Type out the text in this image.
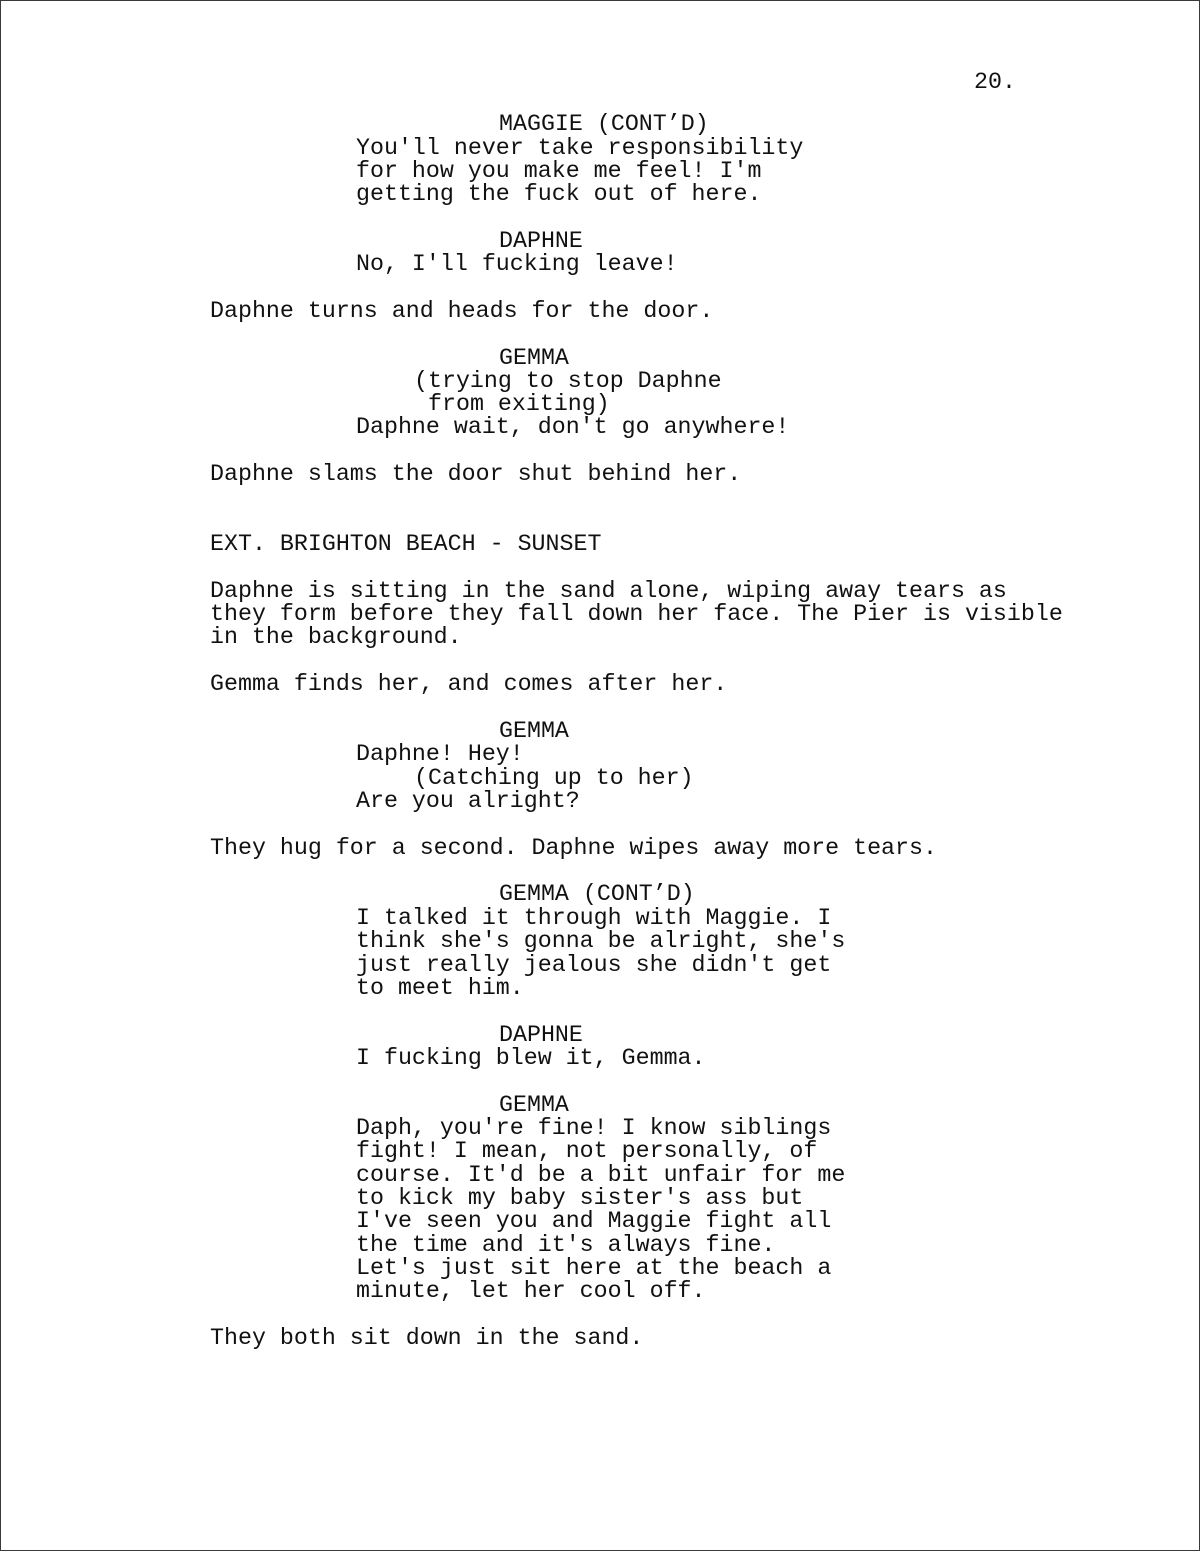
20.
MAGGIE (CONT’D)
You'll never take responsibility
for how you make me feel! I'm
getting the fuck out of here.
DAPHNE
No, I'll fucking leave!
Daphne turns and heads for the door.
GEMMA
(trying to stop Daphne
from exiting)
Daphne wait, don't go anywhere!
Daphne slams the door shut behind her.
EXT. BRIGHTON BEACH - SUNSET
Daphne is sitting in the sand alone, wiping away tears as
they form before they fall down her face. The Pier is visible
in the background.
Gemma finds her, and comes after her.
GEMMA
Daphne! Hey!
(Catching up to her)
Are you alright?
They hug for a second. Daphne wipes away more tears.
GEMMA (CONT’D)
I talked it through with Maggie. I
think she's gonna be alright, she's
just really jealous she didn't get
to meet him.
DAPHNE
I fucking blew it, Gemma.
GEMMA
Daph, you're fine! I know siblings
fight! I mean, not personally, of
course. It'd be a bit unfair for me
to kick my baby sister's ass but
I've seen you and Maggie fight all
the time and it's always fine.
Let's just sit here at the beach a
minute, let her cool off.
They both sit down in the sand.
